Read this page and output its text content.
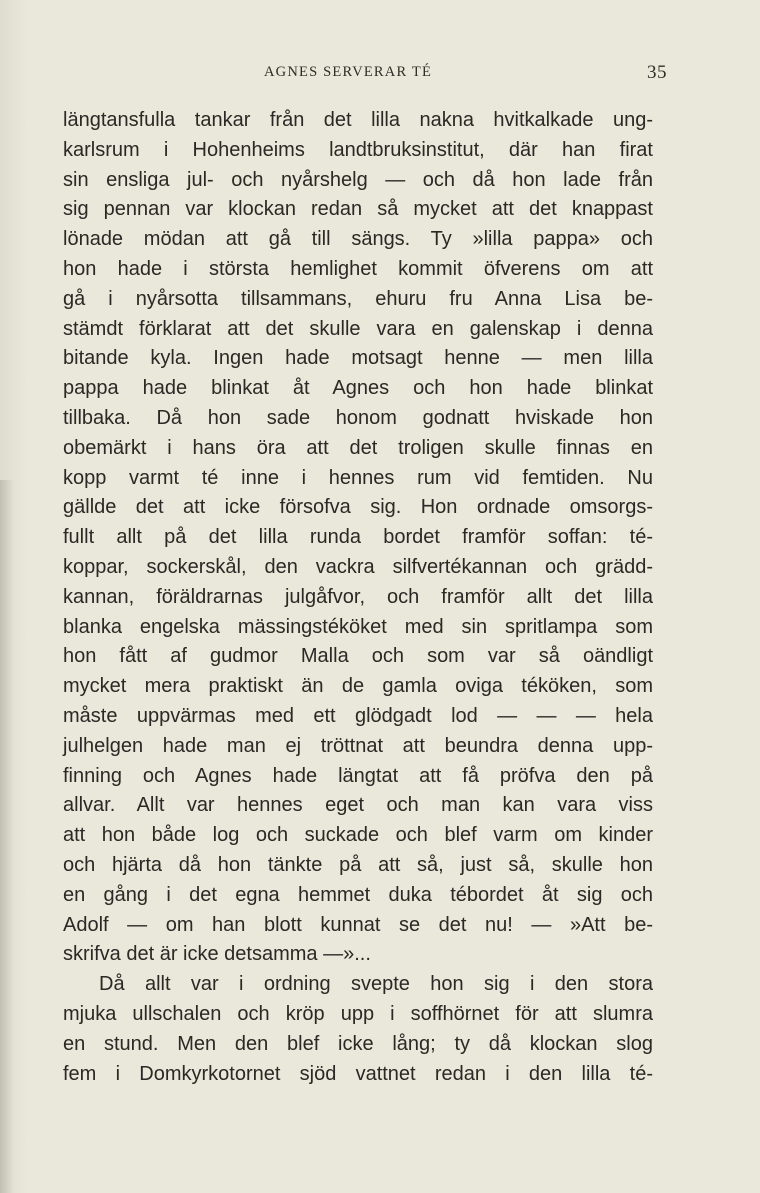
AGNES SERVERAR TÉ	35
längtansfulla tankar från det lilla nakna hvitkalkade ung-
karlsrum i Hohenheims landtbruksinstitut, där han firat
sin ensliga jul- och nyårshelg — och då hon lade från
sig pennan var klockan redan så mycket att det knappast
lönade mödan att gå till sängs. Ty »lilla pappa» och
hon hade i största hemlighet kommit öfverens om att
gå i nyårsotta tillsammans, ehuru fru Anna Lisa be-
stämdt förklarat att det skulle vara en galenskap i denna
bitande kyla. Ingen hade motsagt henne — men lilla
pappa hade blinkat åt Agnes och hon hade blinkat
tillbaka. Då hon sade honom godnatt hviskade hon
obemärkt i hans öra att det troligen skulle finnas en
kopp varmt té inne i hennes rum vid femtiden. Nu
gällde det att icke försofva sig. Hon ordnade omsorgs-
fullt allt på det lilla runda bordet framför soffan: té-
koppar, sockerskål, den vackra silfvertékannan och grädd-
kannan, föräldrarnas julgåfvor, och framför allt det lilla
blanka engelska mässingstéköket med sin spritlampa som
hon fått af gudmor Malla och som var så oändligt
mycket mera praktiskt än de gamla oviga téköken, som
måste uppvärmas med ett glödgadt lod — — — hela
julhelgen hade man ej tröttnat att beundra denna upp-
finning och Agnes hade längtat att få pröfva den på
allvar. Allt var hennes eget och man kan vara viss
att hon både log och suckade och blef varm om kinder
och hjärta då hon tänkte på att så, just så, skulle hon
en gång i det egna hemmet duka tébordet åt sig och
Adolf — om han blott kunnat se det nu! — »Att be-
skrifva det är icke detsamma —»...
Då allt var i ordning svepte hon sig i den stora
mjuka ullschalen och kröp upp i soffhörnet för att slumra
en stund. Men den blef icke lång; ty då klockan slog
fem i Domkyrkotornet sjöd vattnet redan i den lilla té-
